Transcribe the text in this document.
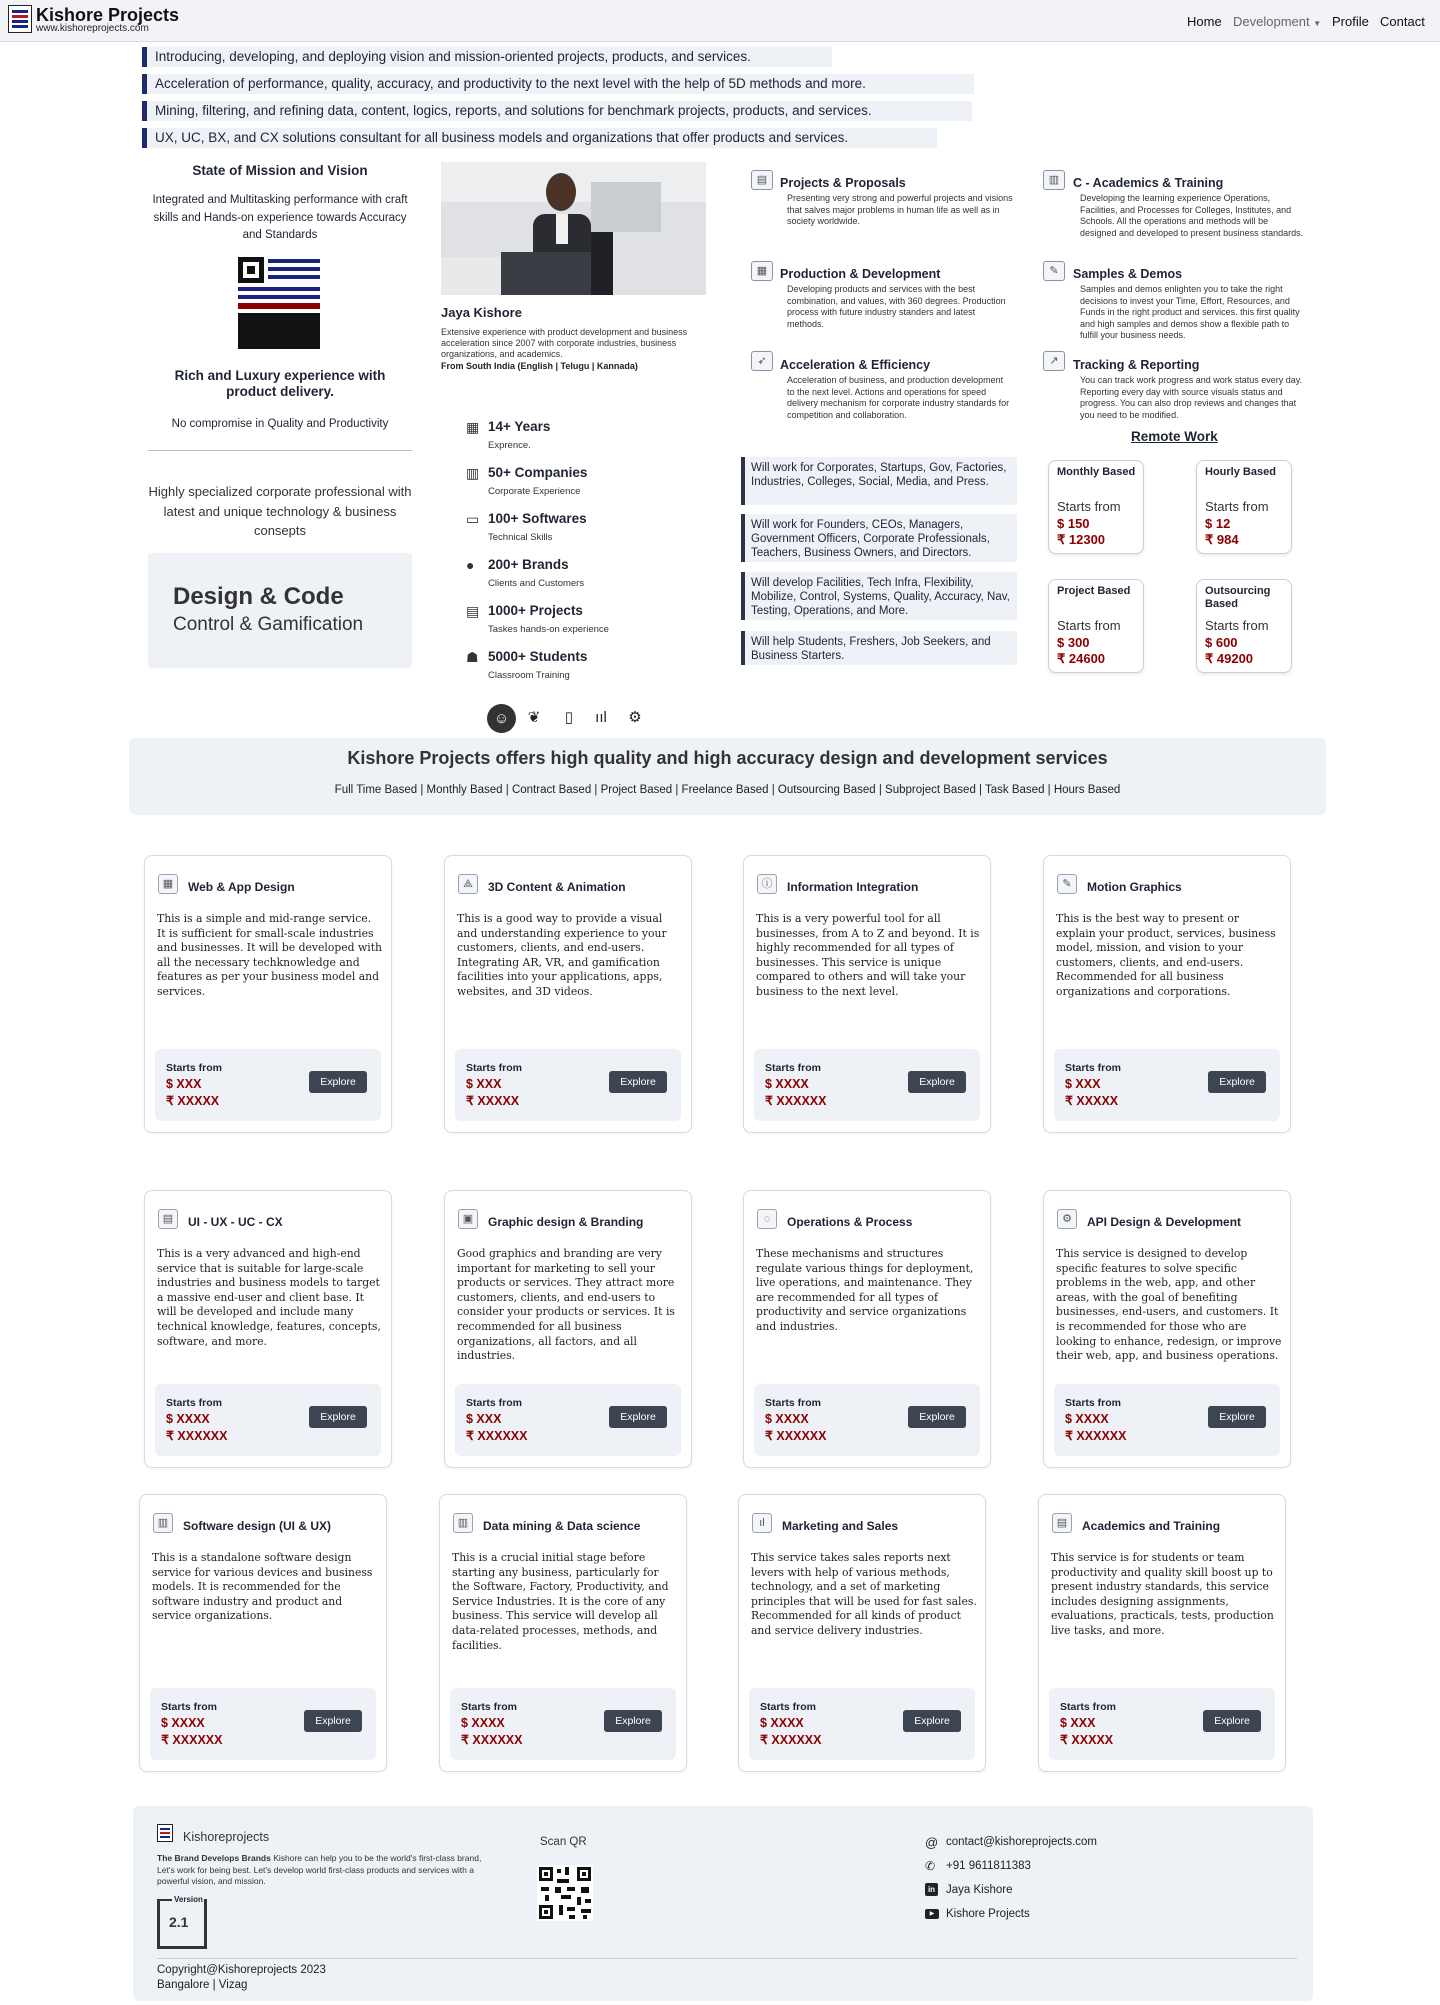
Kishore Projects
www.kishoreprojects.com	Home Development ▼ Profile Contact
Introducing, developing, and deploying vision and mission-oriented projects, products, and services.
Acceleration of performance, quality, accuracy, and productivity to the next level with the help of 5D methods and more.
Mining, filtering, and refining data, content, logics, reports, and solutions for benchmark projects, products, and services.
UX, UC, BX, and CX solutions consultant for all business models and organizations that offer products and services.
State of Mission and Vision
Integrated and Multitasking performance with craft skills and Hands-on experience towards Accuracy and Standards
Rich and Luxury experience with product delivery.
No compromise in Quality and Productivity
Highly specialized corporate professional with latest and unique technology & business consepts
Design & Code
Control & Gamification
Jaya Kishore
Extensive experience with product development and business acceleration since 2007 with corporate industries, business organizations, and academics.
From South India (English | Telugu | Kannada)
▦ 14+ Years
Exprence.
▥ 50+ Companies
Corporate Experience
▭ 100+ Softwares
Technical Skills
●	200+ Brands
Clients and Customers
▤ 1000+ Projects
Taskes hands-on experience
☗ 5000+ Students
Classroom Training
☺	❦	▯	ııl	⚙
▤	Projects & Proposals
Presenting very strong and powerful projects and visions that salves major problems in human life as well as in society worldwide.
▥	C - Academics & Training
Developing the learning experience Operations, Facilities, and Processes for Colleges, Institutes, and Schools. All the operations and methods will be designed and developed to present business standards.
▦	Production & Development
Developing products and services with the best combination, and values, with 360 degrees. Production process with future industry standers and latest methods.
✎	Samples & Demos
Samples and demos enlighten you to take the right decisions to invest your Time, Effort, Resources, and Funds in the right product and services. this first quality and high samples and demos show a flexible path to fulfill your business needs.
➶	Acceleration & Efficiency
Acceleration of business, and production development to the next level. Actions and operations for speed delivery mechanism for corporate industry standards for competition and collaboration.
↗	Tracking & Reporting
You can track work progress and work status every day. Reporting every day with source visuals status and progress. You can also drop reviews and changes that you need to be modified.
Will work for Corporates, Startups, Gov, Factories, Industries, Colleges, Social, Media, and Press.
Will work for Founders, CEOs, Managers, Government Officers, Corporate Professionals, Teachers, Business Owners, and Directors.
Will develop Facilities, Tech Infra, Flexibility, Mobilize, Control, Systems, Quality, Accuracy, Nav, Testing, Operations, and More.
Will help Students, Freshers, Job Seekers, and Business Starters.
Remote Work
Monthly Based
Starts from
$ 150
₹ 12300
Hourly Based
Starts from
$ 12
₹ 984
Project Based
Starts from
$ 300
₹ 24600
Outsourcing Based
Starts from
$ 600
₹ 49200
Kishore Projects offers high quality and high accuracy design and development services
Full Time Based | Monthly Based | Contract Based | Project Based | Freelance Based | Outsourcing Based | Subproject Based | Task Based | Hours Based
▦	Web & App Design
This is a simple and mid-range service. It is sufficient for small-scale industries and businesses. It will be developed with all the necessary techknowledge and features as per your business model and services.
Starts from
$ XXX
₹ XXXXX
Explore
⟁	3D Content & Animation
This is a good way to provide a visual and understanding experience to your customers, clients, and end-users. Integrating AR, VR, and gamification facilities into your applications, apps, websites, and 3D videos.
Starts from
$ XXX
₹ XXXXX
Explore
ⓘ	Information Integration
This is a very powerful tool for all businesses, from A to Z and beyond. It is highly recommended for all types of businesses. This service is unique compared to others and will take your business to the next level.
Starts from
$ XXXX
₹ XXXXXX
Explore
✎	Motion Graphics
This is the best way to present or explain your product, services, business model, mission, and vision to your customers, clients, and end-users. Recommended for all business organizations and corporations.
Starts from
$ XXX
₹ XXXXX
Explore
▤	UI - UX - UC - CX
This is a very advanced and high-end service that is suitable for large-scale industries and business models to target a massive end-user and client base. It will be developed and include many technical knowledge, features, concepts, software, and more.
Starts from
$ XXXX
₹ XXXXXX
Explore
▣	Graphic design & Branding
Good graphics and branding are very important for marketing to sell your products or services. They attract more customers, clients, and end-users to consider your products or services. It is recommended for all business organizations, all factors, and all industries.
Starts from
$ XXX
₹ XXXXXX
Explore
◌	Operations & Process
These mechanisms and structures regulate various things for deployment, live operations, and maintenance. They are recommended for all types of productivity and service organizations and industries.
Starts from
$ XXXX
₹ XXXXXX
Explore
⚙	API Design & Development
This service is designed to develop specific features to solve specific problems in the web, app, and other areas, with the goal of benefiting businesses, end-users, and customers. It is recommended for those who are looking to enhance, redesign, or improve their web, app, and business operations.
Starts from
$ XXXX
₹ XXXXXX
Explore
▥	Software design (UI & UX)
This is a standalone software design service for various devices and business models. It is recommended for the software industry and product and service organizations.
Starts from
$ XXXX
₹ XXXXXX
Explore
▥	Data mining & Data science
This is a crucial initial stage before starting any business, particularly for the Software, Factory, Productivity, and Service Industries. It is the core of any business. This service will develop all data-related processes, methods, and facilities.
Starts from
$ XXXX
₹ XXXXXX
Explore
ıl	Marketing and Sales
This service takes sales reports next levers with help of various methods, technology, and a set of marketing principles that will be used for fast sales. Recommended for all kinds of product and service delivery industries.
Starts from
$ XXXX
₹ XXXXXX
Explore
▤	Academics and Training
This service is for students or team productivity and quality skill boost up to present industry standards, this service includes designing assignments, evaluations, practicals, tests, production live tasks, and more.
Starts from
$ XXX
₹ XXXXX
Explore
Kishoreprojects
The Brand Develops Brands Kishore can help you to be the world's first-class brand, Let's work for being best. Let's develop world first-class products and services with a powerful vision, and mission.
Version
2.1
Scan QR	@ contact@kishoreprojects.com
✆ +91 9611811383
in Jaya Kishore
▶	Kishore Projects
Copyright@Kishoreprojects 2023
Bangalore | Vizag
